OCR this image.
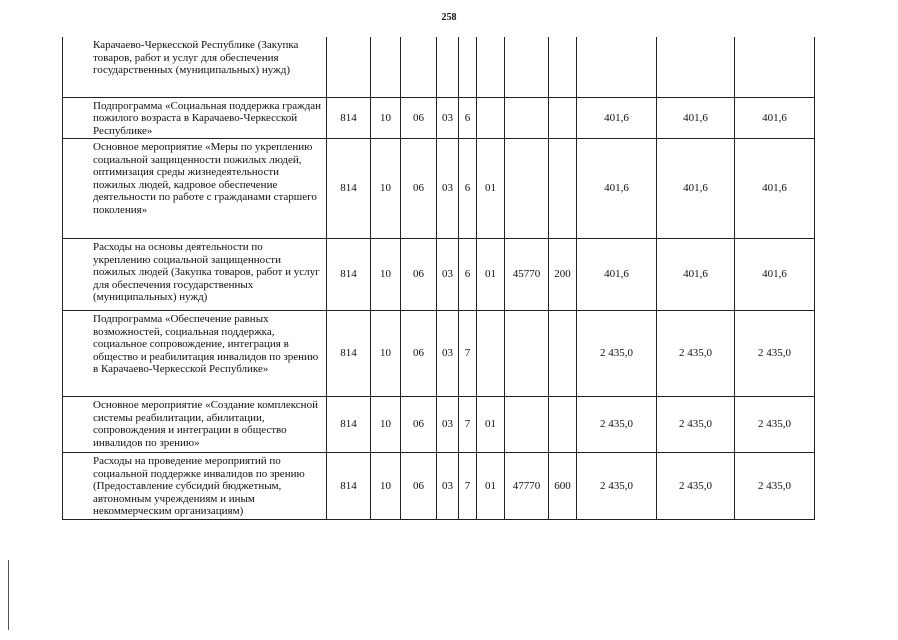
258
Карачаево-Черкесской Республике (Закупка товаров, работ и услуг для обеспечения государственных (муниципальных) нужд)											
Подпрограмма «Социальная поддержка граждан пожилого возраста в Карачаево-Черкесской Республике»	814	10	06	03	6				401,6	401,6	401,6
Основное мероприятие «Меры по укреплению социальной защищенности пожилых людей, оптимизация среды жизнедеятельности пожилых людей, кадровое обеспечение деятельности по работе с гражданами старшего поколения»	814	10	06	03	6	01			401,6	401,6	401,6
Расходы на основы деятельности по укреплению социальной защищенности пожилых людей (Закупка товаров, работ и услуг для обеспечения государственных (муниципальных) нужд)	814	10	06	03	6	01	45770	200	401,6	401,6	401,6
Подпрограмма «Обеспечение равных возможностей, социальная поддержка, социальное сопровождение, интеграция в общество и реабилитация инвалидов по зрению в Карачаево-Черкесской Республике»	814	10	06	03	7				2 435,0	2 435,0	2 435,0
Основное мероприятие «Создание комплексной системы реабилитации, абилитации, сопровождения и интеграции в общество инвалидов по зрению»	814	10	06	03	7	01			2 435,0	2 435,0	2 435,0
Расходы на проведение мероприятий по социальной поддержке инвалидов по зрению (Предоставление субсидий бюджетным, автономным учреждениям и иным некоммерческим организациям)	814	10	06	03	7	01	47770	600	2 435,0	2 435,0	2 435,0
